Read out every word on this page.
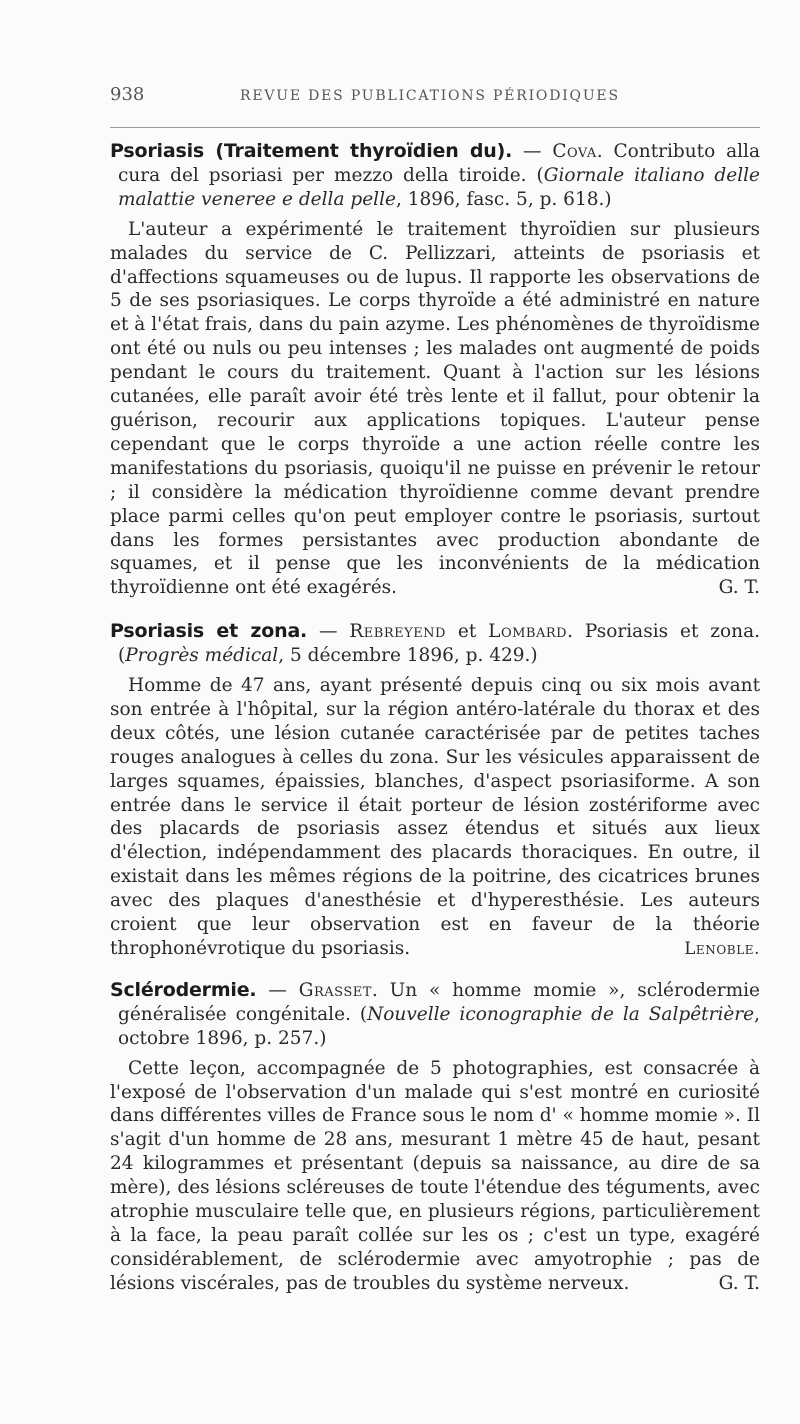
938	REVUE DES PUBLICATIONS PÉRIODIQUES

Psoriasis (Traitement thyroïdien du). — Cova. Contributo alla cura del psoriasi per mezzo della tiroide. (Giornale italiano delle malattie veneree e della pelle, 1896, fasc. 5, p. 618.)

L'auteur a expérimenté le traitement thyroïdien sur plusieurs malades du service de C. Pellizzari, atteints de psoriasis et d'affections squameuses ou de lupus. Il rapporte les observations de 5 de ses psoriasiques. Le corps thyroïde a été administré en nature et à l'état frais, dans du pain azyme. Les phénomènes de thyroïdisme ont été ou nuls ou peu intenses ; les malades ont augmenté de poids pendant le cours du traitement. Quant à l'action sur les lésions cutanées, elle paraît avoir été très lente et il fallut, pour obtenir la guérison, recourir aux applications topiques. L'auteur pense cependant que le corps thyroïde a une action réelle contre les manifestations du psoriasis, quoiqu'il ne puisse en prévenir le retour ; il considère la médication thyroïdienne comme devant prendre place parmi celles qu'on peut employer contre le psoriasis, surtout dans les formes persistantes avec production abondante de squames, et il pense que les inconvénients de la médication thyroïdienne ont été exagérés.	G. T.

Psoriasis et zona. — Rebreyend et Lombard. Psoriasis et zona. (Progrès médical, 5 décembre 1896, p. 429.)

Homme de 47 ans, ayant présenté depuis cinq ou six mois avant son entrée à l'hôpital, sur la région antéro-latérale du thorax et des deux côtés, une lésion cutanée caractérisée par de petites taches rouges analogues à celles du zona. Sur les vésicules apparaissent de larges squames, épaissies, blanches, d'aspect psoriasiforme. A son entrée dans le service il était porteur de lésion zostériforme avec des placards de psoriasis assez étendus et situés aux lieux d'élection, indépendamment des placards thoraciques. En outre, il existait dans les mêmes régions de la poitrine, des cicatrices brunes avec des plaques d'anesthésie et d'hyperesthésie. Les auteurs croient que leur observation est en faveur de la théorie throphonévrotique du psoriasis.	Lenoble.

Sclérodermie. — Grasset. Un « homme momie », sclérodermie généralisée congénitale. (Nouvelle iconographie de la Salpêtrière, octobre 1896, p. 257.)

Cette leçon, accompagnée de 5 photographies, est consacrée à l'exposé de l'observation d'un malade qui s'est montré en curiosité dans différentes villes de France sous le nom d' « homme momie ». Il s'agit d'un homme de 28 ans, mesurant 1 mètre 45 de haut, pesant 24 kilogrammes et présentant (depuis sa naissance, au dire de sa mère), des lésions scléreuses de toute l'étendue des téguments, avec atrophie musculaire telle que, en plusieurs régions, particulièrement à la face, la peau paraît collée sur les os ; c'est un type, exagéré considérablement, de sclérodermie avec amyotrophie ; pas de lésions viscérales, pas de troubles du système nerveux.	G. T.
